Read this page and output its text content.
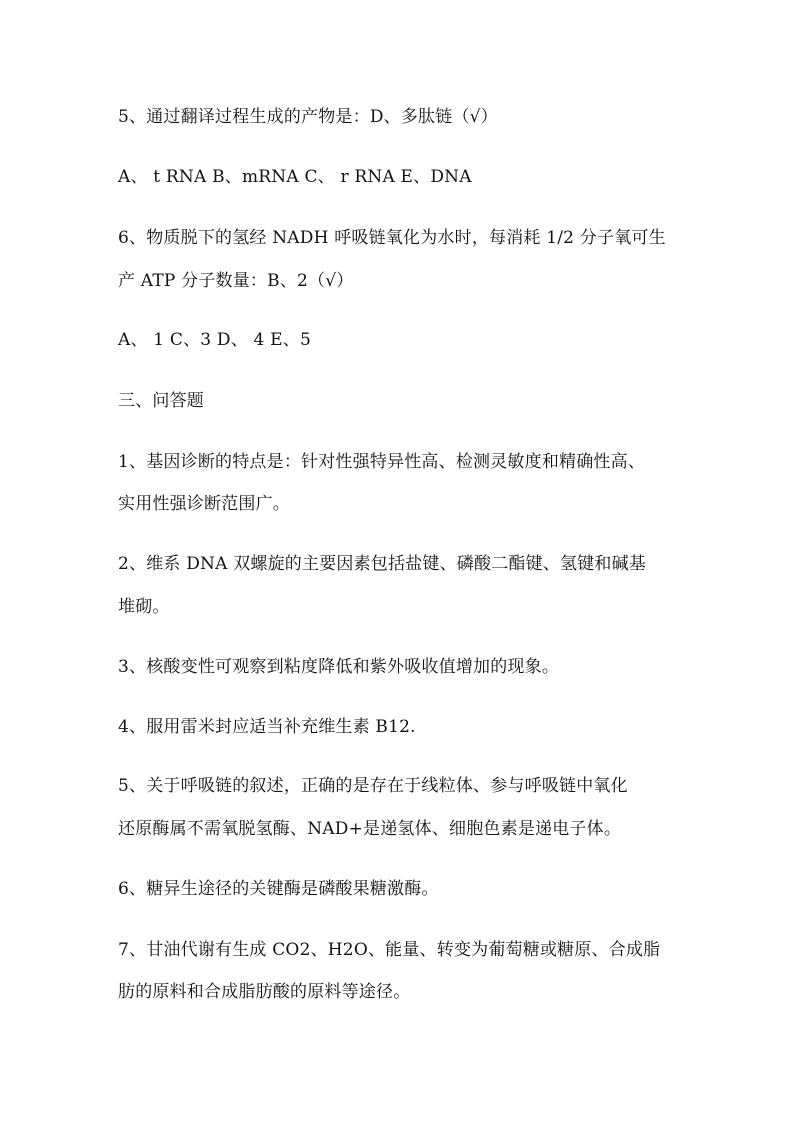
5、通过翻译过程生成的产物是：D、多肽链（√）
A、 t RNA B、mRNA C、 r RNA E、DNA
6、物质脱下的氢经 NADH 呼吸链氧化为水时，每消耗 1/2 分子氧可生
产 ATP 分子数量：B、2（√）
A、 1 C、3 D、 4 E、5
三、问答题
1、基因诊断的特点是：针对性强特异性高、检测灵敏度和精确性高、
实用性强诊断范围广。
2、维系 DNA 双螺旋的主要因素包括盐键、磷酸二酯键、氢键和碱基
堆砌。
3、核酸变性可观察到粘度降低和紫外吸收值增加的现象。
4、服用雷米封应适当补充维生素 B12.
5、关于呼吸链的叙述，正确的是存在于线粒体、参与呼吸链中氧化
还原酶属不需氧脱氢酶、NAD+是递氢体、细胞色素是递电子体。
6、糖异生途径的关键酶是磷酸果糖激酶。
7、甘油代谢有生成 CO2、H2O、能量、转变为葡萄糖或糖原、合成脂
肪的原料和合成脂肪酸的原料等途径。
